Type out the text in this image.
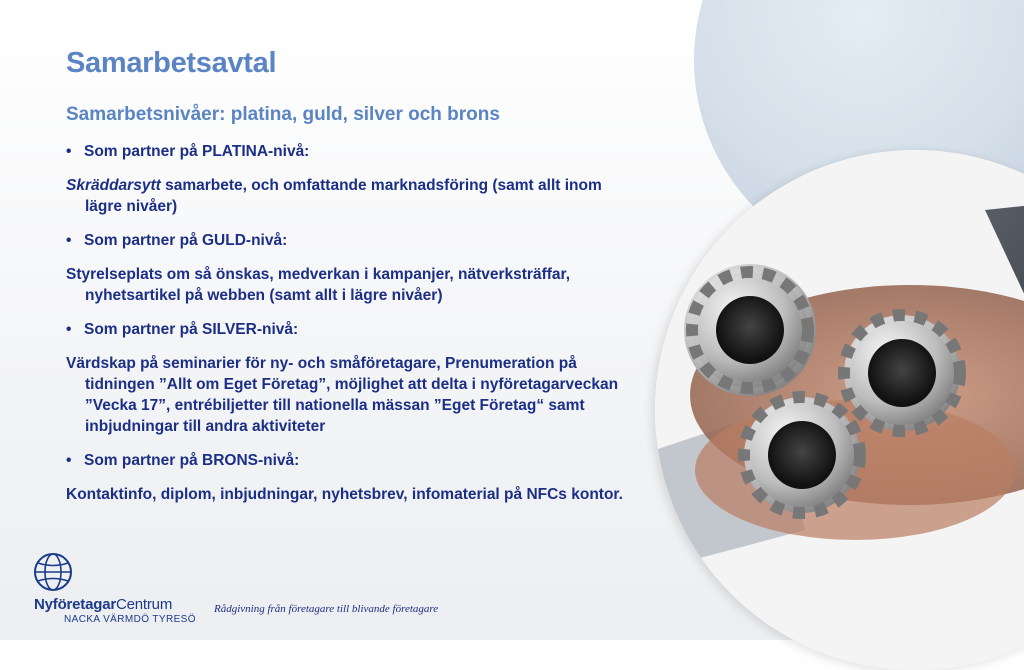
Samarbetsavtal
Samarbetsnivåer: platina, guld, silver och brons
• Som partner på PLATINA-nivå:
Skräddarsytt samarbete, och omfattande marknadsföring (samt allt inom lägre nivåer)
• Som partner på GULD-nivå:
Styrelseplats om så önskas, medverkan i kampanjer, nätverksträffar, nyhetsartikel på webben (samt allt i lägre nivåer)
• Som partner på SILVER-nivå:
Värdskap på seminarier för ny- och småföretagare, Prenumeration på tidningen ”Allt om Eget Företag”, möjlighet att delta i nyföretagarveckan ”Vecka 17”, entrébiljetter till nationella mässan ”Eget Företag“ samt inbjudningar till andra aktiviteter
• Som partner på BRONS-nivå:
Kontaktinfo, diplom, inbjudningar, nyhetsbrev, infomaterial på NFCs kontor.
NyföretagarCentrum
NACKA VÄRMDÖ TYRESÖ
Rådgivning från företagare till blivande företagare
